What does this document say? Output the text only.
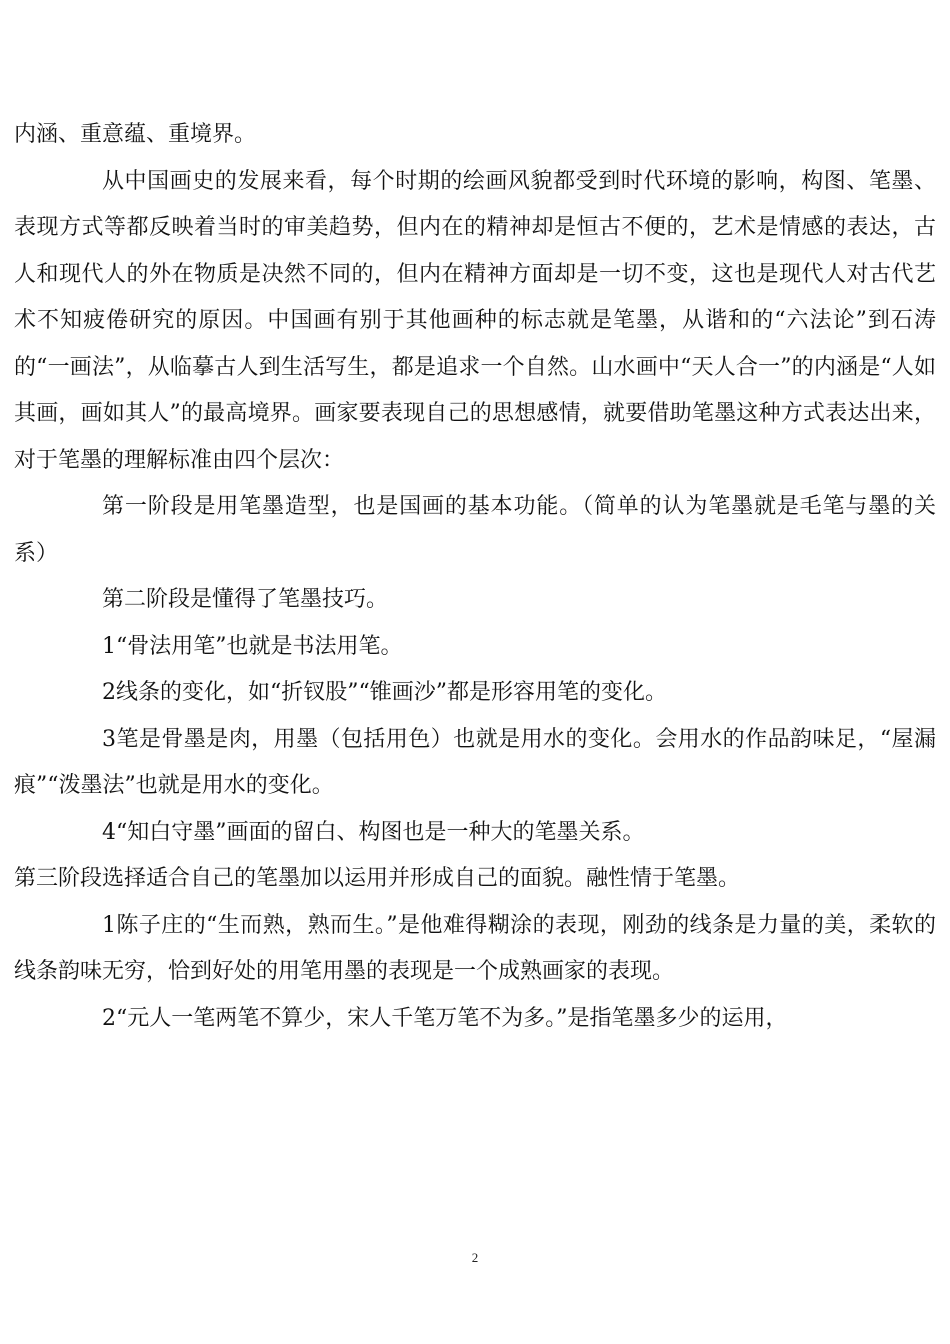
内涵、重意蕴、重境界。

从中国画史的发展来看，每个时期的绘画风貌都受到时代环境的影响，构图、笔墨、表现方式等都反映着当时的审美趋势，但内在的精神却是恒古不便的，艺术是情感的表达，古人和现代人的外在物质是决然不同的，但内在精神方面却是一切不变，这也是现代人对古代艺术不知疲倦研究的原因。中国画有别于其他画种的标志就是笔墨，从谐和的“六法论”到石涛的“一画法”，从临摹古人到生活写生，都是追求一个自然。山水画中“天人合一”的内涵是“人如其画，画如其人”的最高境界。画家要表现自己的思想感情，就要借助笔墨这种方式表达出来，对于笔墨的理解标准由四个层次：

第一阶段是用笔墨造型，也是国画的基本功能。（简单的认为笔墨就是毛笔与墨的关系）

第二阶段是懂得了笔墨技巧。

1“骨法用笔”也就是书法用笔。

2线条的变化，如“折钗股”“锥画沙”都是形容用笔的变化。

3笔是骨墨是肉，用墨（包括用色）也就是用水的变化。会用水的作品韵味足，“屋漏痕”“泼墨法”也就是用水的变化。

4“知白守墨”画面的留白、构图也是一种大的笔墨关系。

第三阶段选择适合自己的笔墨加以运用并形成自己的面貌。融性情于笔墨。

1陈子庄的“生而熟，熟而生。”是他难得糊涂的表现，刚劲的线条是力量的美，柔软的线条韵味无穷，恰到好处的用笔用墨的表现是一个成熟画家的表现。

2“元人一笔两笔不算少，宋人千笔万笔不为多。”是指笔墨多少的运用，

2
